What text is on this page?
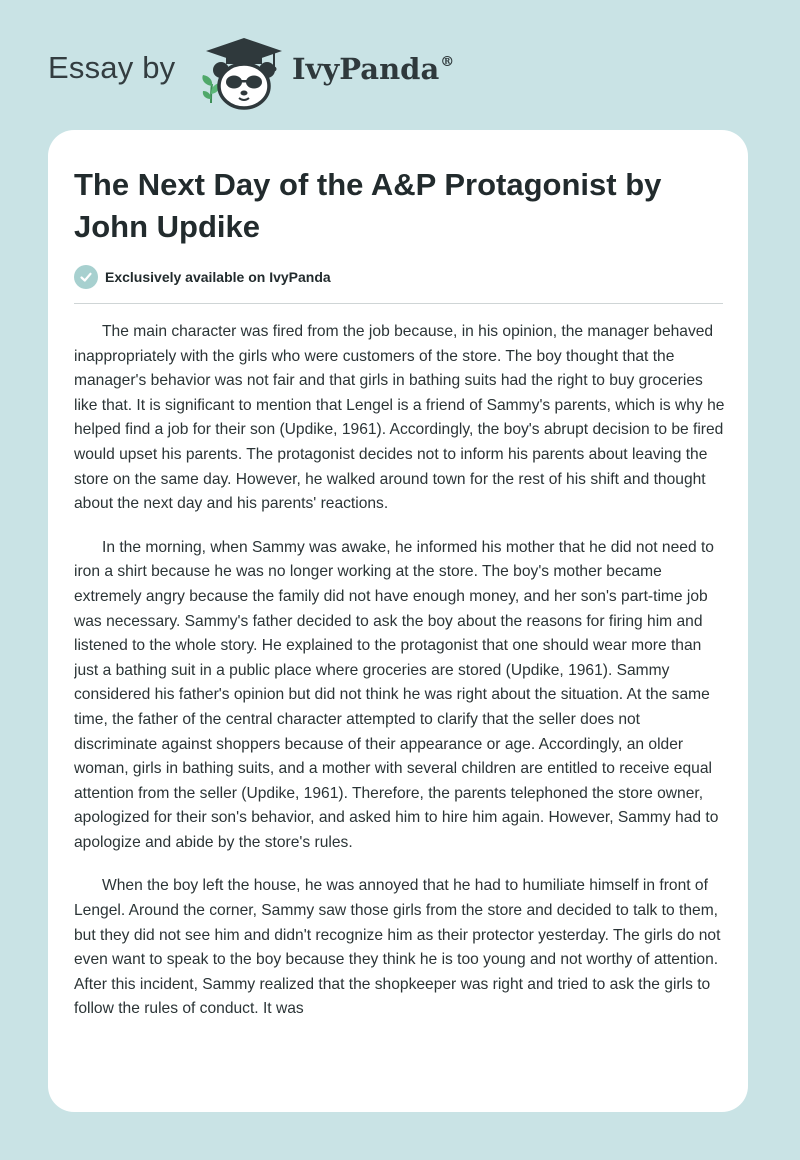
Essay by	IvyPanda®
The Next Day of the A&P Protagonist by John Updike
Exclusively available on IvyPanda

The main character was fired from the job because, in his opinion, the manager behaved inappropriately with the girls who were customers of the store. The boy thought that the manager's behavior was not fair and that girls in bathing suits had the right to buy groceries like that. It is significant to mention that Lengel is a friend of Sammy's parents, which is why he helped find a job for their son (Updike, 1961). Accordingly, the boy's abrupt decision to be fired would upset his parents. The protagonist decides not to inform his parents about leaving the store on the same day. However, he walked around town for the rest of his shift and thought about the next day and his parents' reactions.

In the morning, when Sammy was awake, he informed his mother that he did not need to iron a shirt because he was no longer working at the store. The boy's mother became extremely angry because the family did not have enough money, and her son's part-time job was necessary. Sammy's father decided to ask the boy about the reasons for firing him and listened to the whole story. He explained to the protagonist that one should wear more than just a bathing suit in a public place where groceries are stored (Updike, 1961). Sammy considered his father's opinion but did not think he was right about the situation. At the same time, the father of the central character attempted to clarify that the seller does not discriminate against shoppers because of their appearance or age. Accordingly, an older woman, girls in bathing suits, and a mother with several children are entitled to receive equal attention from the seller (Updike, 1961). Therefore, the parents telephoned the store owner, apologized for their son's behavior, and asked him to hire him again. However, Sammy had to apologize and abide by the store's rules.

When the boy left the house, he was annoyed that he had to humiliate himself in front of Lengel. Around the corner, Sammy saw those girls from the store and decided to talk to them, but they did not see him and didn't recognize him as their protector yesterday. The girls do not even want to speak to the boy because they think he is too young and not worthy of attention. After this incident, Sammy realized that the shopkeeper was right and tried to ask the girls to follow the rules of conduct. It was
